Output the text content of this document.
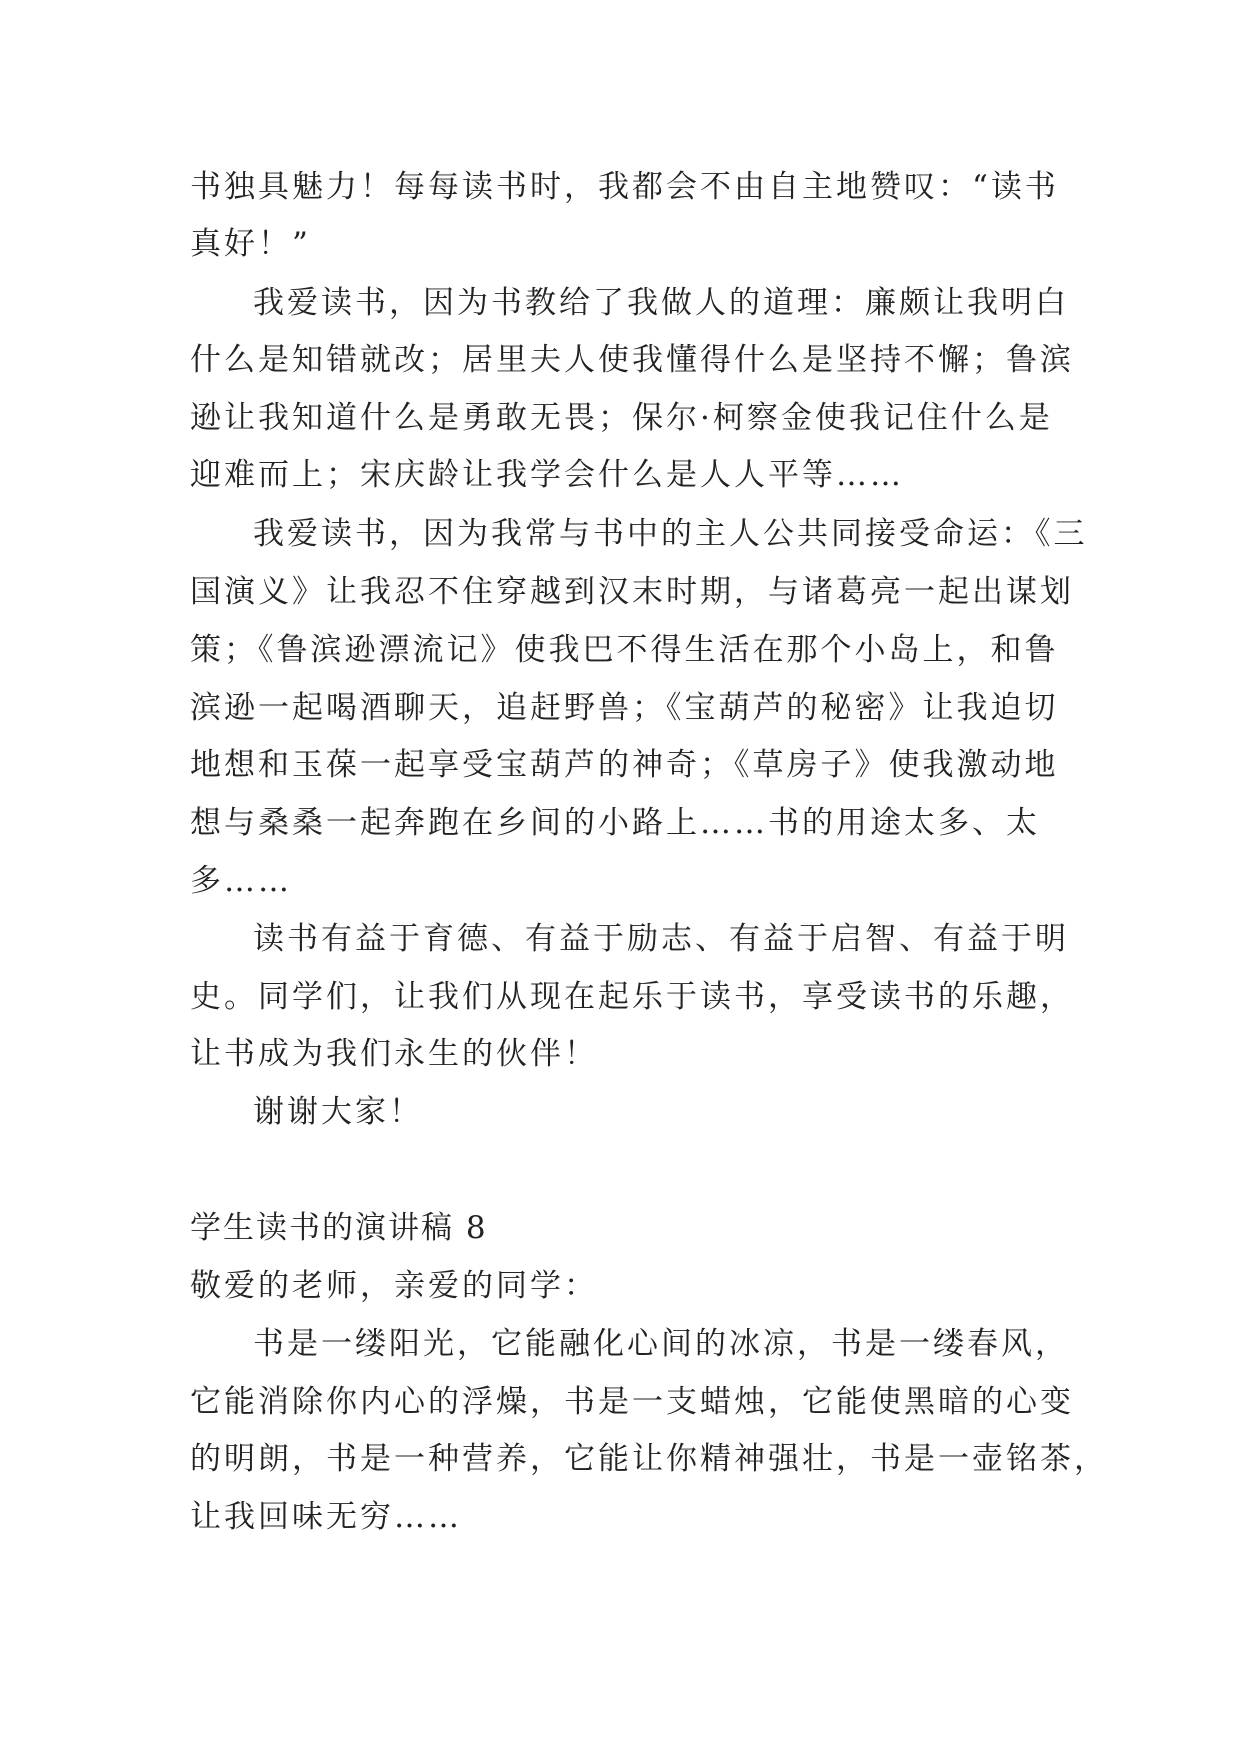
书独具魅力！每每读书时，我都会不由自主地赞叹：“读书
真好！”
我爱读书，因为书教给了我做人的道理：廉颇让我明白
什么是知错就改；居里夫人使我懂得什么是坚持不懈；鲁滨
逊让我知道什么是勇敢无畏；保尔·柯察金使我记住什么是
迎难而上；宋庆龄让我学会什么是人人平等……
我爱读书，因为我常与书中的主人公共同接受命运：《三
国演义》让我忍不住穿越到汉末时期，与诸葛亮一起出谋划
策；《鲁滨逊漂流记》使我巴不得生活在那个小岛上，和鲁
滨逊一起喝酒聊天，追赶野兽；《宝葫芦的秘密》让我迫切
地想和玉葆一起享受宝葫芦的神奇；《草房子》使我激动地
想与桑桑一起奔跑在乡间的小路上……书的用途太多、太
多……
读书有益于育德、有益于励志、有益于启智、有益于明
史。同学们，让我们从现在起乐于读书，享受读书的乐趣，
让书成为我们永生的伙伴！
谢谢大家！
学生读书的演讲稿 8
敬爱的老师，亲爱的同学：
书是一缕阳光，它能融化心间的冰凉，书是一缕春风，
它能消除你内心的浮燥，书是一支蜡烛，它能使黑暗的心变
的明朗，书是一种营养，它能让你精神强壮，书是一壶铭茶，
让我回味无穷……
